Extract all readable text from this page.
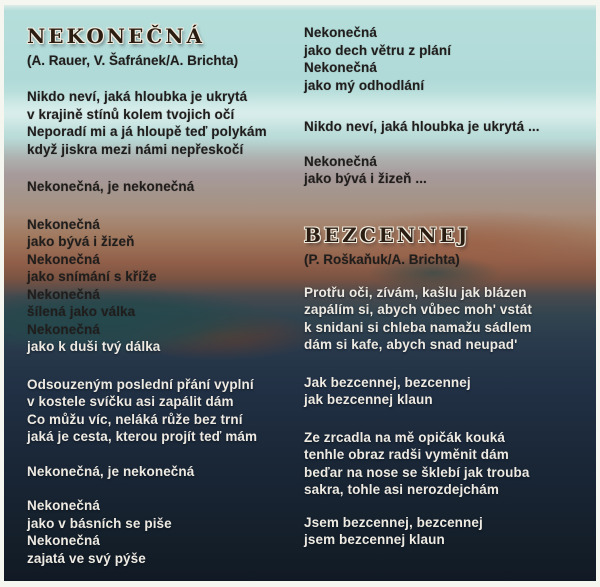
NEKONEČNÁ
(A. Rauer, V. Šafránek/A. Brichta)
Nikdo neví, jaká hloubka je ukrytá
v krajině stínů kolem tvojich očí
Neporadí mi a já hloupě teď polykám
když jiskra mezi námi nepřeskočí
Nekonečná, je nekonečná
Nekonečná
jako bývá i žizeň
Nekonečná
jako snímání s kříže
Nekonečná
šílená jako válka
Nekonečná
jako k duši tvý dálka
Odsouzeným poslední přání vyplní
v kostele svíčku asi zapálit dám
Co můžu víc, neláká růže bez trní
jaká je cesta, kterou projít teď mám
Nekonečná, je nekonečná
Nekonečná
jako v básních se piše
Nekonečná
zajatá ve svý pýše
Nekonečná
jako dech větru z plání
Nekonečná
jako mý odhodlání
Nikdo neví, jaká hloubka je ukrytá ...
Nekonečná
jako bývá i žizeň ...
BEZCENNEJ
(P. Roškaňuk/A. Brichta)
Protřu oči, zívám, kašlu jak blázen
zapálím si, abych vůbec moh' vstát
k snidani si chleba namažu sádlem
dám si kafe, abych snad neupad'
Jak bezcennej, bezcennej
jak bezcennej klaun
Ze zrcadla na mě opičák kouká
tenhle obraz radši vyměnit dám
beďar na nose se šklebí jak trouba
sakra, tohle asi nerozdejchám
Jsem bezcennej, bezcennej
jsem bezcennej klaun
